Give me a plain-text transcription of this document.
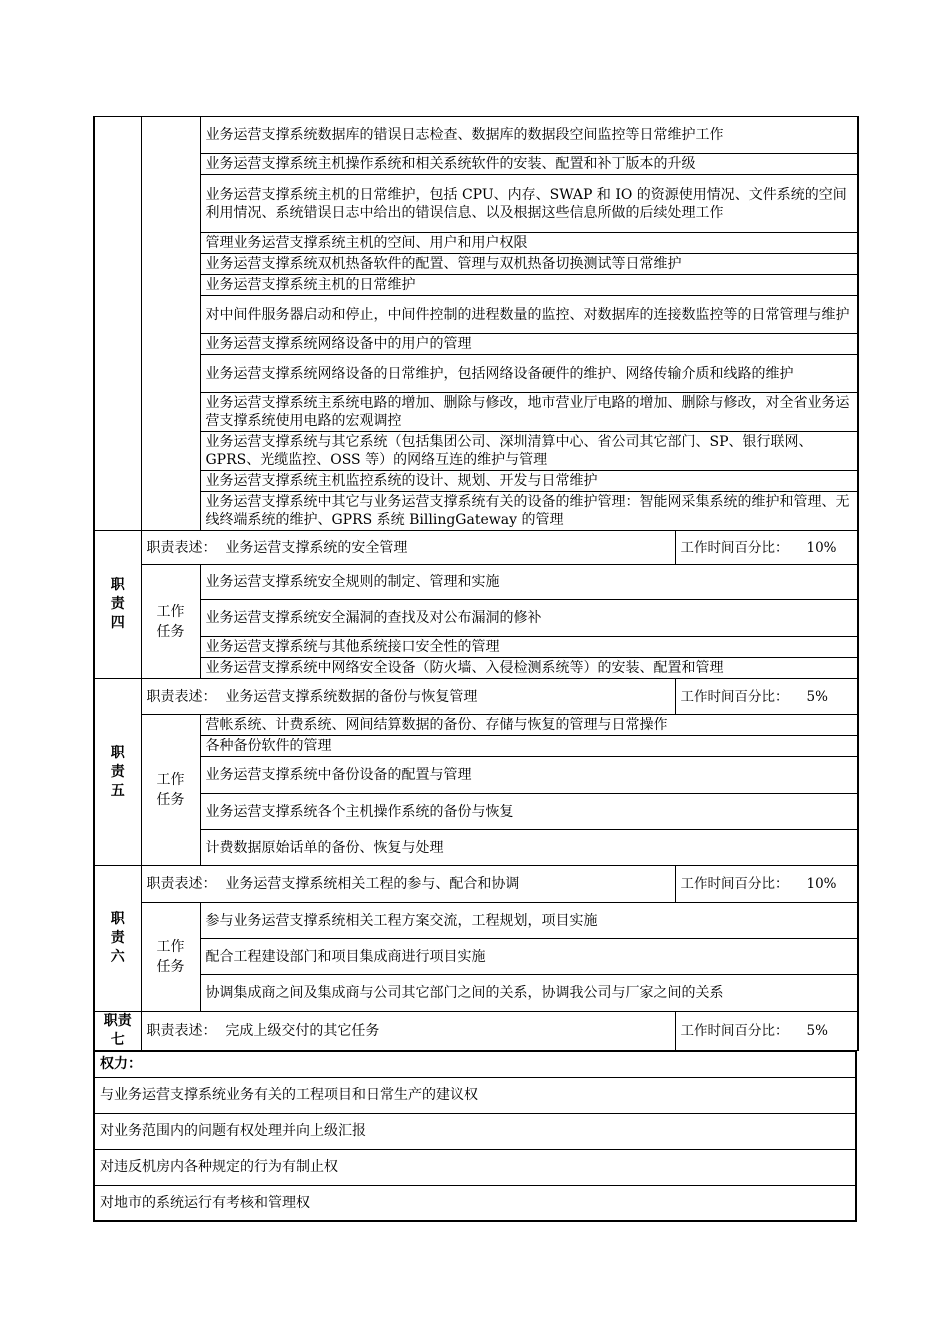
		业务运营支撑系统数据库的错误日志检查、数据库的数据段空间监控等日常维护工作	
		业务运营支撑系统主机操作系统和相关系统软件的安装、配置和补丁版本的升级	
		业务运营支撑系统主机的日常维护，包括 CPU、内存、SWAP 和 IO 的资源使用情况、文件系统的空间利用情况、系统错误日志中给出的错误信息、以及根据这些信息所做的后续处理工作	
		管理业务运营支撑系统主机的空间、用户和用户权限	
		业务运营支撑系统双机热备软件的配置、管理与双机热备切换测试等日常维护	
		业务运营支撑系统主机的日常维护	
		对中间件服务器启动和停止，中间件控制的进程数量的监控、对数据库的连接数监控等的日常管理与维护	
		业务运营支撑系统网络设备中的用户的管理	
		业务运营支撑系统网络设备的日常维护，包括网络设备硬件的维护、网络传输介质和线路的维护	
		业务运营支撑系统主系统电路的增加、删除与修改，地市营业厅电路的增加、删除与修改，对全省业务运营支撑系统使用电路的宏观调控	
		业务运营支撑系统与其它系统（包括集团公司、深圳清算中心、省公司其它部门、SP、银行联网、GPRS、光缆监控、OSS 等）的网络互连的维护与管理	
		业务运营支撑系统主机监控系统的设计、规划、开发与日常维护	
		业务运营支撑系统中其它与业务运营支撑系统有关的设备的维护管理：智能网采集系统的维护和管理、无线终端系统的维护、GPRS 系统 BillingGateway 的管理	

职
责
四	职责表述： 业务运营支撑系统的安全管理		工作时间百分比： 10%

	工作
任务	业务运营支撑系统安全规则的制定、管理和实施	
		业务运营支撑系统安全漏洞的查找及对公布漏洞的修补	
		业务运营支撑系统与其他系统接口安全性的管理	
		业务运营支撑系统中网络安全设备（防火墙、入侵检测系统等）的安装、配置和管理	

职
责
五	职责表述： 业务运营支撑系统数据的备份与恢复管理		工作时间百分比： 5%

	工作
任务	营帐系统、计费系统、网间结算数据的备份、存储与恢复的管理与日常操作	
		各种备份软件的管理	
		业务运营支撑系统中备份设备的配置与管理	
		业务运营支撑系统各个主机操作系统的备份与恢复	
		计费数据原始话单的备份、恢复与处理	

职
责
六	职责表述： 业务运营支撑系统相关工程的参与、配合和协调		工作时间百分比： 10%

	工作
任务	参与业务运营支撑系统相关工程方案交流，工程规划，项目实施	
		配合工程建设部门和项目集成商进行项目实施	
		协调集成商之间及集成商与公司其它部门之间的关系，协调我公司与厂家之间的关系	

职责
七	职责表述： 完成上级交付的其它任务		工作时间百分比： 5%
权力：
与业务运营支撑系统业务有关的工程项目和日常生产的建议权
对业务范围内的问题有权处理并向上级汇报
对违反机房内各种规定的行为有制止权
对地市的系统运行有考核和管理权
